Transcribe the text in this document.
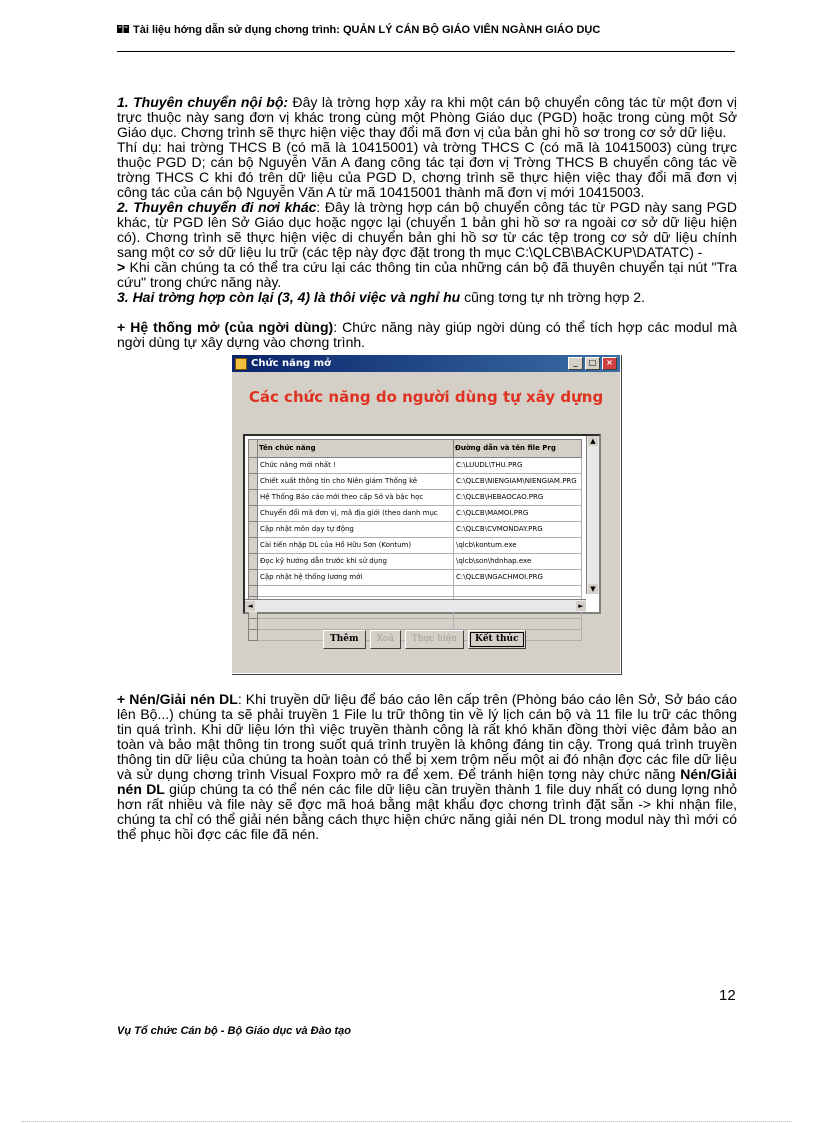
Tài liệu hớng dẫn sử dụng chơng trình: QUẢN LÝ CÁN BỘ GIÁO VIÊN NGÀNH GIÁO DỤC

1. Thuyên chuyển nội bộ: Đây là trờng hợp xảy ra khi một cán bộ chuyển công tác từ một đơn vị trực thuộc này sang đơn vị khác trong cùng một Phòng Giáo dục (PGD) hoặc trong cùng một Sở Giáo dục. Chơng trình sẽ thực hiện việc thay đổi mã đơn vị của bản ghi hồ sơ trong cơ sở dữ liệu.

Thí dụ: hai trờng THCS B (có mã là 10415001) và trờng THCS C (có mã là 10415003) cùng trực thuộc PGD D; cán bộ Nguyễn Văn A đang công tác tại đơn vị Trờng THCS B chuyển công tác về trờng THCS C khi đó trên dữ liệu của PGD D, chơng trình sẽ thực hiện việc thay đổi mã đơn vị công tác của cán bộ Nguyễn Văn A từ mã 10415001 thành mã đơn vị mới 10415003.

2. Thuyên chuyển đi nơi khác: Đây là trờng hợp cán bộ chuyển công tác từ PGD này sang PGD khác, từ PGD lên Sở Giáo dục hoặc ngợc lại (chuyển 1 bản ghi hồ sơ ra ngoài cơ sở dữ liệu hiện có). Chơng trình sẽ thực hiện việc di chuyển bản ghi hồ sơ từ các tệp trong cơ sở dữ liệu chính sang một cơ sở dữ liệu lu trữ (các tệp này đợc đặt trong th mục C:\QLCB\BACKUP\DATATC) -
> Khi cần chúng ta có thể tra cứu lại các thông tin của những cán bộ đã thuyên chuyển tại nút "Tra cứu" trong chức năng này.

3. Hai trờng hợp còn lại (3, 4) là thôi việc và nghỉ hu cũng tơng tự nh trờng hợp 2.

+ Hệ thống mở (của ngời dùng): Chức năng này giúp ngời dùng có thể tích hợp các modul mà ngời dùng tự xây dựng vào chơng trình.

Chức năng mở	_	□	×
Các chức năng do người dùng tự xây dựng
	Tên chức năng	Đường dẫn và tên file Prg
	Chức năng mới nhất !	C:\LUUDL\THU.PRG
	Chiết xuất thông tin cho Niên giám Thống kê	C:\QLCB\NIENGIAM\NIENGIAM.PRG
	Hệ Thống Báo cáo mới theo cấp Sở và bậc học	C:\QLCB\HEBAOCAO.PRG
	Chuyển đổi mã đơn vị, mã địa giới (theo danh mục	C:\QLCB\MAMOI.PRG
	Cập nhật môn dạy tự động	C:\QLCB\CVMONDAY.PRG
	Cài tiến nhập DL của Hồ Hữu Sơn (Kontum)	\qlcb\kontum.exe
	Đọc kỹ hướng dẫn trước khi sử dụng	\qlcb\son\hdnhap.exe
	Cập nhật hệ thống lương mới	C:\QLCB\NGACHMOI.PRG

▲
▼
◄	►
Thêm	Xoá	Thực hiện	Kết thúc

+ Nén/Giải nén DL: Khi truyền dữ liệu để báo cáo lên cấp trên (Phòng báo cáo lên Sở, Sở báo cáo lên Bộ...) chúng ta sẽ phải truyền 1 File lu trữ thông tin về lý lịch cán bộ và 11 file lu trữ các thông tin quá trình. Khi dữ liệu lớn thì việc truyền thành công là rất khó khăn đồng thời việc đảm bảo an toàn và bảo mật thông tin trong suốt quá trình truyền là không đáng tin cậy. Trong quá trình truyền thông tin dữ liệu của chúng ta hoàn toàn có thể bị xem trộm nếu một ai đó nhận đợc các file dữ liệu và sử dụng chơng trình Visual Foxpro mở ra để xem. Để tránh hiện tợng này chức năng Nén/Giải nén DL giúp chúng ta có thể nén các file dữ liệu cần truyền thành 1 file duy nhất có dung lợng nhỏ hơn rất nhiều và file này sẽ đợc mã hoá bằng mật khẩu đợc chơng trình đặt sẵn -> khi nhận file, chúng ta chỉ có thể giải nén bằng cách thực hiện chức năng giải nén DL trong modul này thì mới có thể phục hồi đợc các file đã nén.

12
Vụ Tổ chức Cán bộ - Bộ Giáo dục và Đào tạo
